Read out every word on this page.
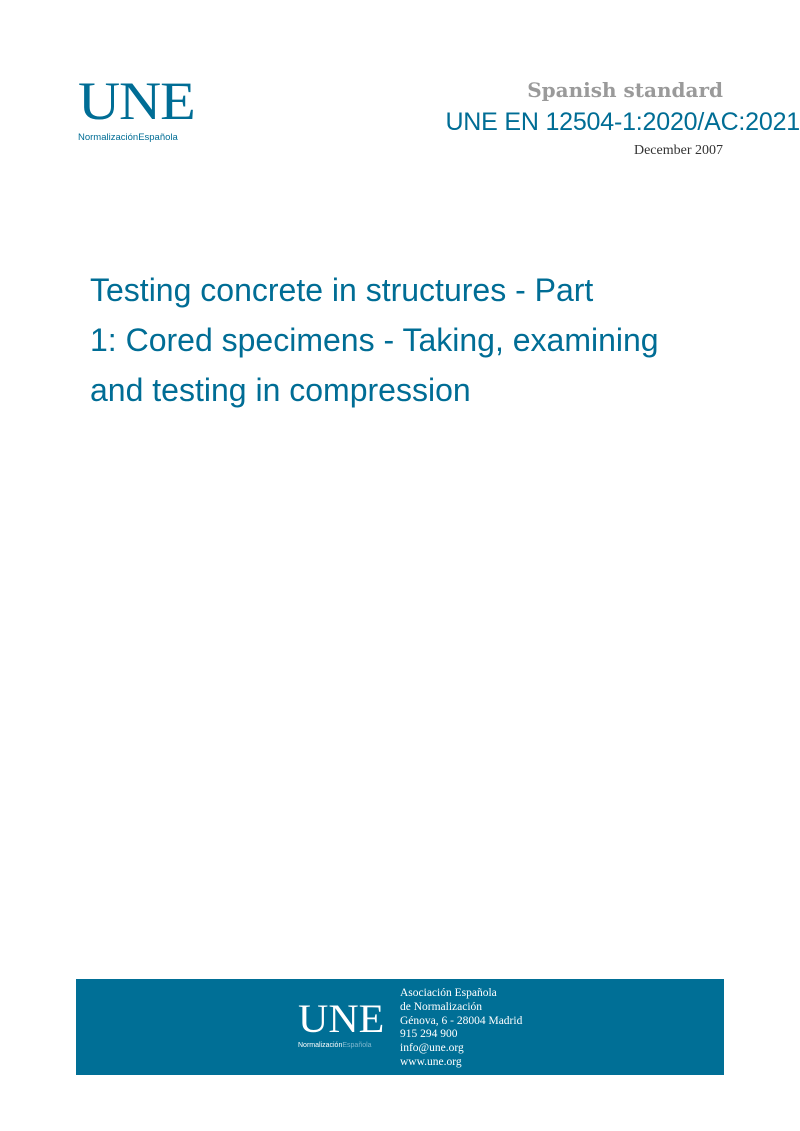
UNE
NormalizaciónEspañola
Spanish standard
UNE EN 12504-1:2020/AC:2021
December 2007
Testing concrete in structures - Part
1: Cored specimens - Taking, examining
and testing in compression
UNE
NormalizaciónEspañola
Asociación Española
de Normalización
Génova, 6 - 28004 Madrid
915 294 900
info@une.org
www.une.org
